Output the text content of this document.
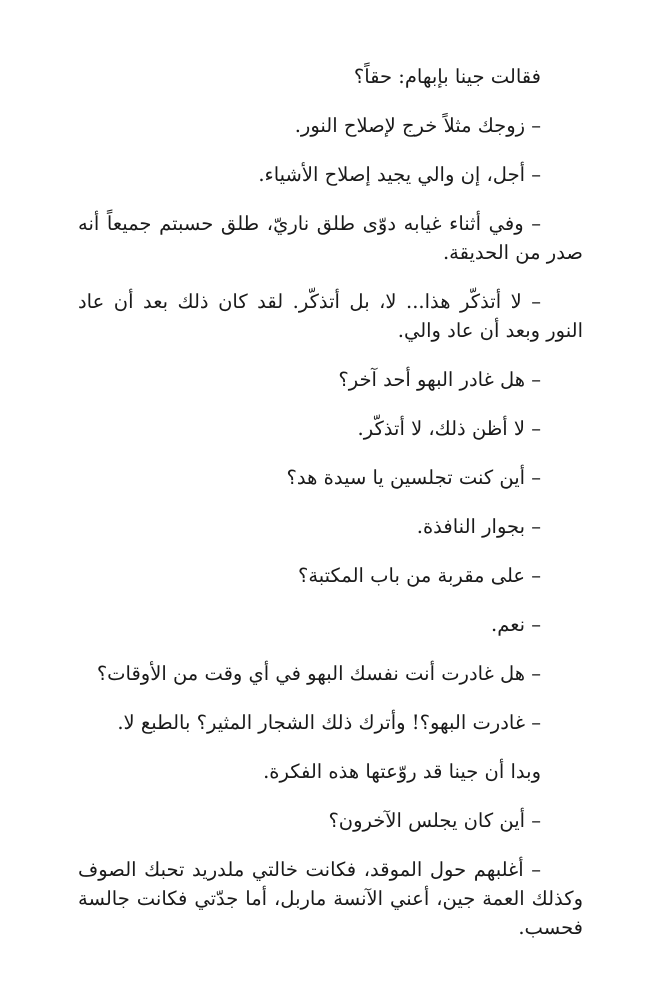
فقالت جينا بإبهام: حقاً؟

– زوجك مثلاً خرج لإصلاح النور.

– أجل، إن والي يجيد إصلاح الأشياء.

– وفي أثناء غيابه دوّى طلق ناريّ، طلق حسبتم جميعاً أنه صدر من الحديقة.

– لا أتذكّر هذا... لا، بل أتذكّر. لقد كان ذلك بعد أن عاد النور وبعد أن عاد والي.

– هل غادر البهو أحد آخر؟

– لا أظن ذلك، لا أتذكّر.

– أين كنت تجلسين يا سيدة هد؟

– بجوار النافذة.

– على مقربة من باب المكتبة؟

– نعم.

– هل غادرت أنت نفسك البهو في أي وقت من الأوقات؟

– غادرت البهو؟! وأترك ذلك الشجار المثير؟ بالطبع لا.

وبدا أن جينا قد روّعتها هذه الفكرة.

– أين كان يجلس الآخرون؟

– أغلبهم حول الموقد، فكانت خالتي ملدريد تحبك الصوف وكذلك العمة جين، أعني الآنسة ماربل، أما جدّتي فكانت جالسة فحسب.
